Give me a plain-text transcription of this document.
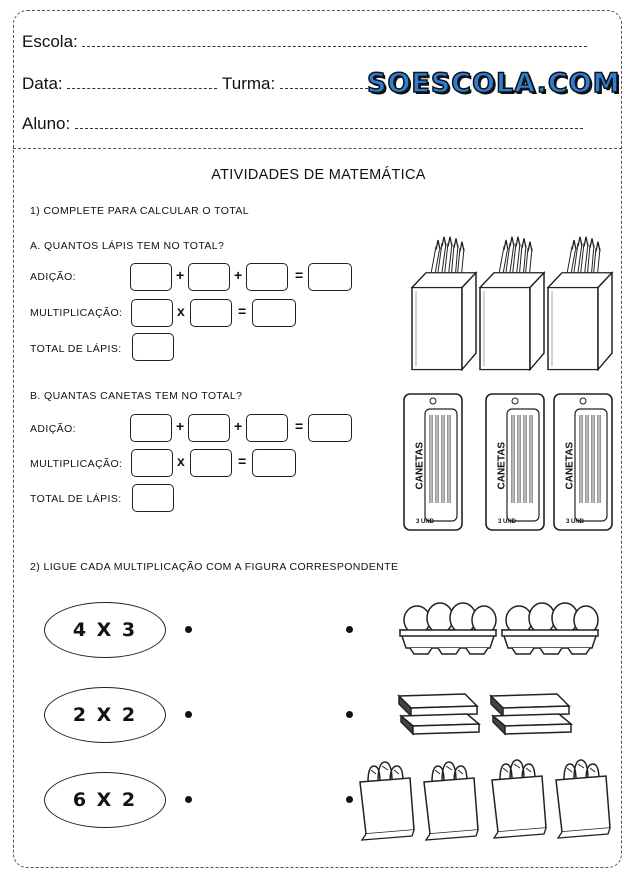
Escola:
Data:	Turma:	SOESCOLA.COM
Aluno:
ATIVIDADES DE MATEMÁTICA
1) COMPLETE PARA CALCULAR O TOTAL
A. QUANTOS LÁPIS TEM NO TOTAL?
ADIÇÃO:	+	+	=
MULTIPLICAÇÃO:	x	=
TOTAL DE LÁPIS:
B. QUANTAS CANETAS TEM NO TOTAL?
ADIÇÃO:	+	+	=
MULTIPLICAÇÃO:	x	=
TOTAL DE LÁPIS:
CANETAS
3 UND
CANETAS
3 UND
CANETAS
3 UND
2) LIGUE CADA MULTIPLICAÇÃO COM A FIGURA CORRESPONDENTE
4 X 3
2 X 2
6 X 2
